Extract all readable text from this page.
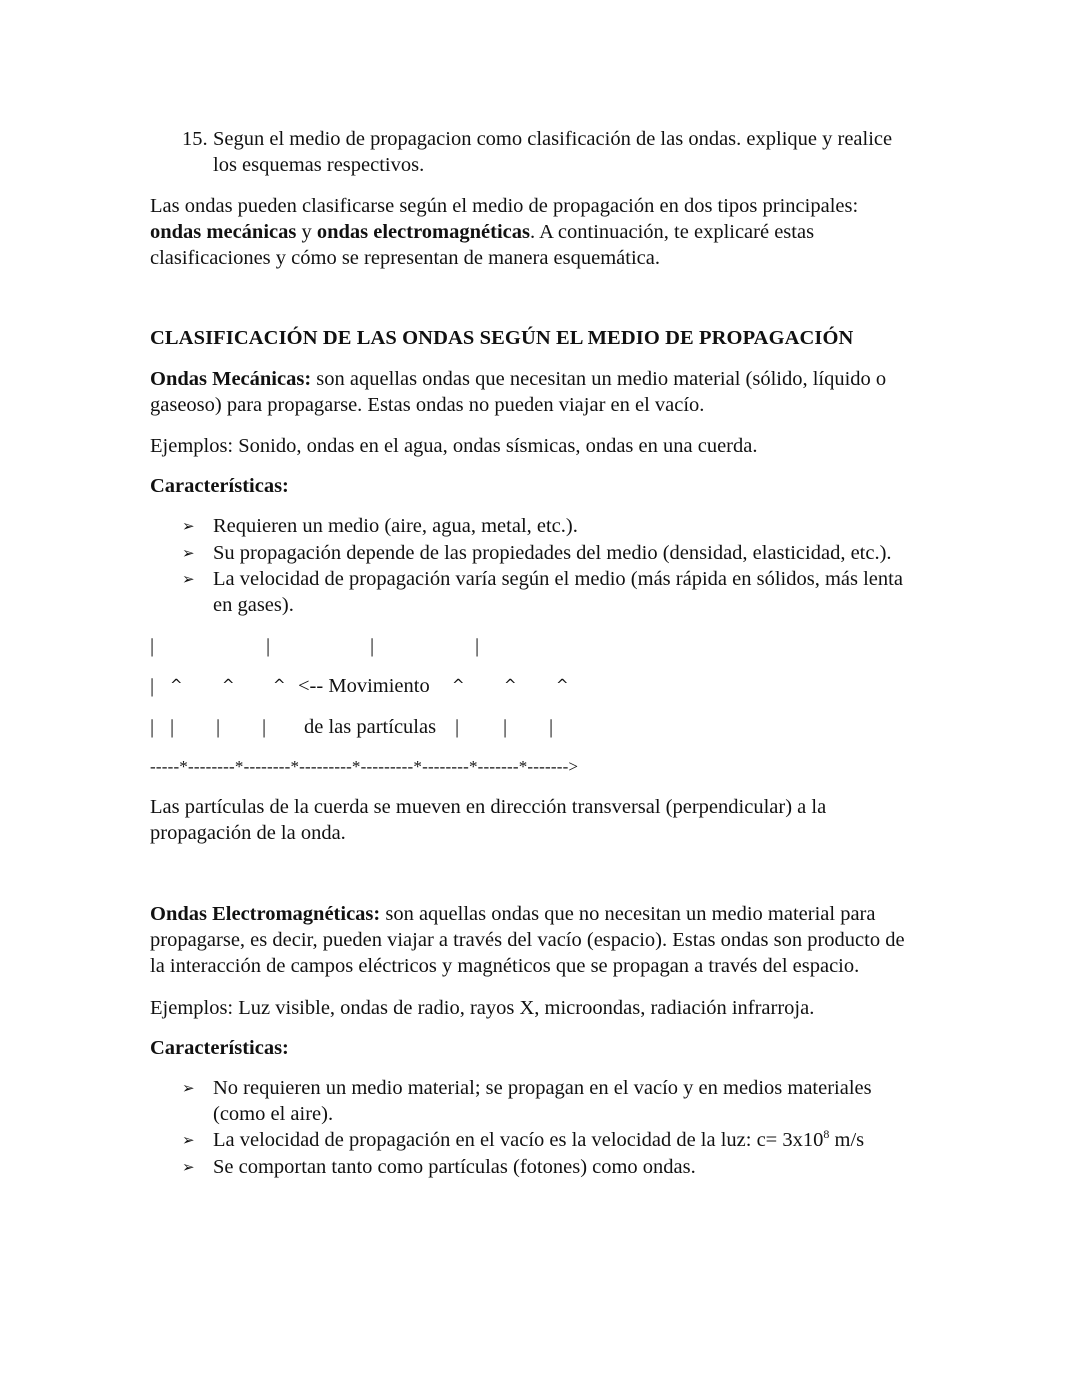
15. Segun el medio de propagacion como clasificación de las ondas. explique y realice
los esquemas respectivos.
Las ondas pueden clasificarse según el medio de propagación en dos tipos principales:
ondas mecánicas y ondas electromagnéticas. A continuación, te explicaré estas
clasificaciones y cómo se representan de manera esquemática.
CLASIFICACIÓN DE LAS ONDAS SEGÚN EL MEDIO DE PROPAGACIÓN
Ondas Mecánicas: son aquellas ondas que necesitan un medio material (sólido, líquido o
gaseoso) para propagarse. Estas ondas no pueden viajar en el vacío.
Ejemplos: Sonido, ondas en el agua, ondas sísmicas, ondas en una cuerda.
Características:
➢ Requieren un medio (aire, agua, metal, etc.).
➢ Su propagación depende de las propiedades del medio (densidad, elasticidad, etc.).
➢ La velocidad de propagación varía según el medio (más rápida en sólidos, más lenta
en gases).
|	|	|	|
| ^	^	^ <-- Movimiento ^	^	^
| | | | de las partículas | | |
-----*--------*--------*---------*---------*--------*-------*------->
Las partículas de la cuerda se mueven en dirección transversal (perpendicular) a la
propagación de la onda.
Ondas Electromagnéticas: son aquellas ondas que no necesitan un medio material para
propagarse, es decir, pueden viajar a través del vacío (espacio). Estas ondas son producto de
la interacción de campos eléctricos y magnéticos que se propagan a través del espacio.
Ejemplos: Luz visible, ondas de radio, rayos X, microondas, radiación infrarroja.
Características:
➢ No requieren un medio material; se propagan en el vacío y en medios materiales
(como el aire).
➢ La velocidad de propagación en el vacío es la velocidad de la luz: $c= 3x10^8$ m/s
➢ Se comportan tanto como partículas (fotones) como ondas.
